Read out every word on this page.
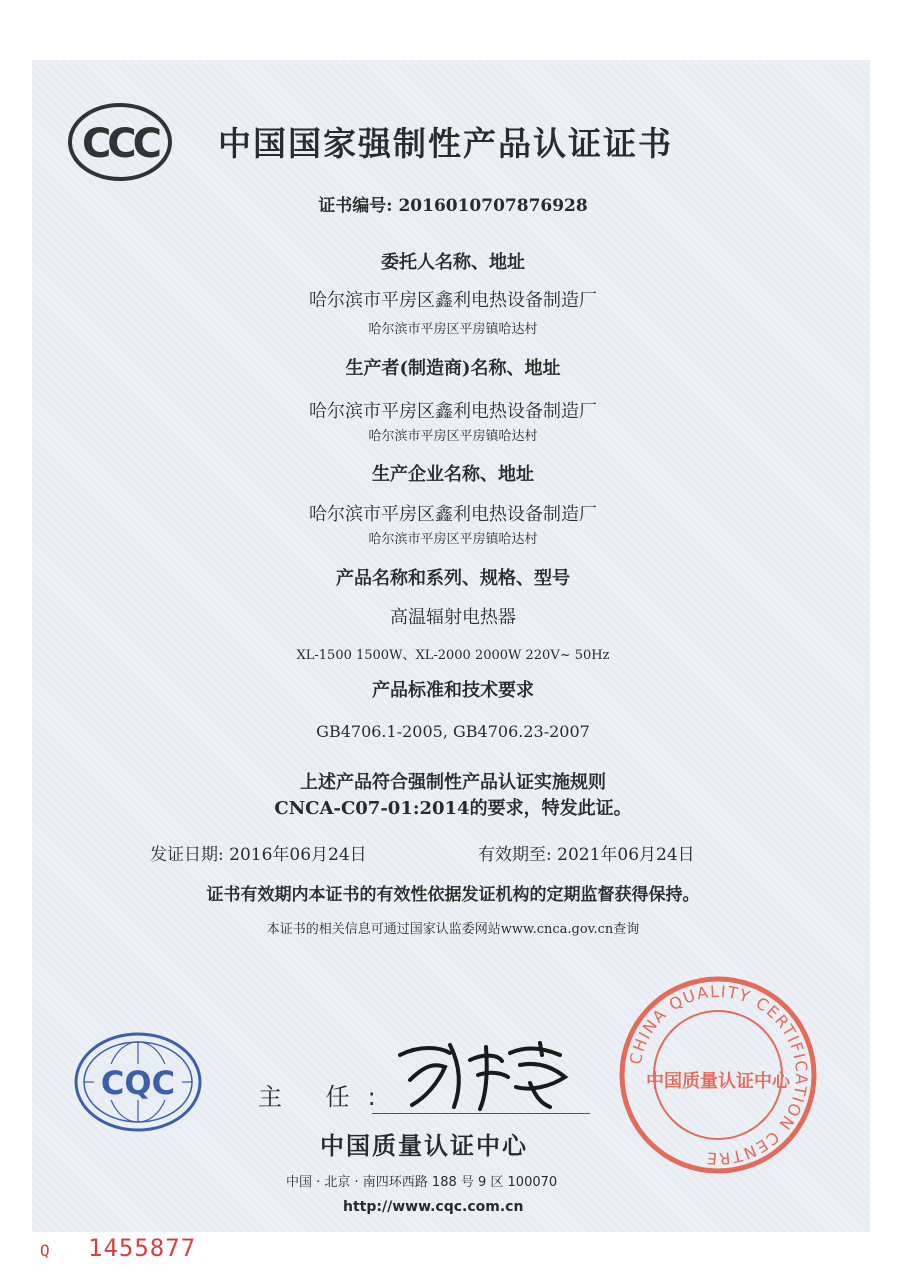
CCC 中国国家强制性产品认证证书
证书编号: 2016010707876928
委托人名称、地址
哈尔滨市平房区鑫利电热设备制造厂
哈尔滨市平房区平房镇哈达村
生产者(制造商)名称、地址
哈尔滨市平房区鑫利电热设备制造厂
哈尔滨市平房区平房镇哈达村
生产企业名称、地址
哈尔滨市平房区鑫利电热设备制造厂
哈尔滨市平房区平房镇哈达村
产品名称和系列、规格、型号
高温辐射电热器
XL-1500 1500W、XL-2000 2000W 220V~ 50Hz
产品标准和技术要求
GB4706.1-2005, GB4706.23-2007
上述产品符合强制性产品认证实施规则
CNCA-C07-01:2014的要求，特发此证。
发证日期: 2016年06月24日	有效期至: 2021年06月24日
证书有效期内本证书的有效性依据发证机构的定期监督获得保持。
本证书的相关信息可通过国家认监委网站www.cnca.gov.cn查询
CQC	主 任:
中国质量认证中心
中国 · 北京 · 南四环西路 188 号 9 区 100070
http://www.cqc.com.cn
CHINA QUALITY CERTIFICATION CENTRE
中国质量认证中心
Q 1455877
